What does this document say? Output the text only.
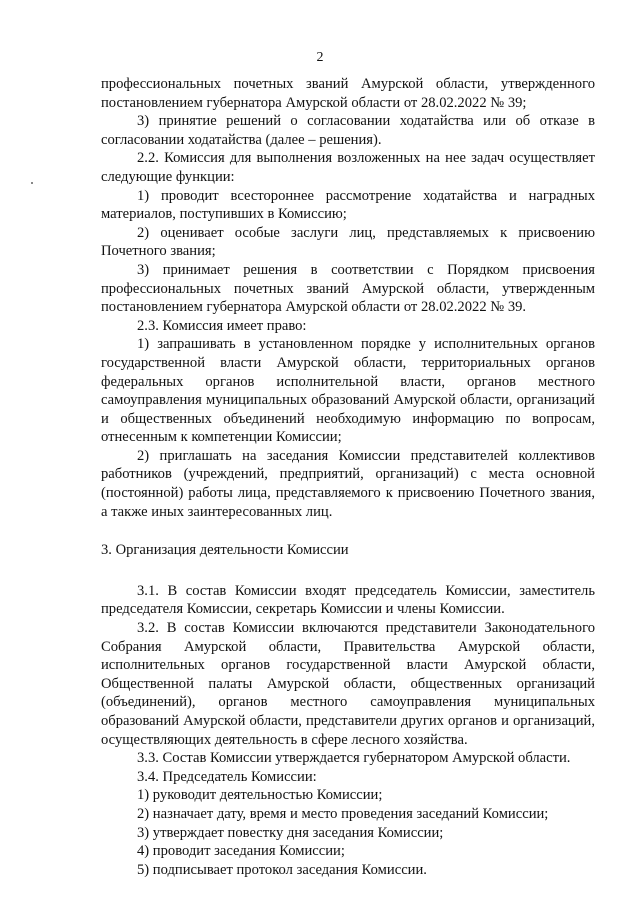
2

профессиональных почетных званий Амурской области, утвержденного постановлением губернатора Амурской области от 28.02.2022 № 39;

3) принятие решений о согласовании ходатайства или об отказе в согласовании ходатайства (далее – решения).

2.2. Комиссия для выполнения возложенных на нее задач осуществляет следующие функции:

1) проводит всестороннее рассмотрение ходатайства и наградных материалов, поступивших в Комиссию;

2) оценивает особые заслуги лиц, представляемых к присвоению Почетного звания;

3) принимает решения в соответствии с Порядком присвоения профессиональных почетных званий Амурской области, утвержденным постановлением губернатора Амурской области от 28.02.2022 № 39.

2.3. Комиссия имеет право:

1) запрашивать в установленном порядке у исполнительных органов государственной власти Амурской области, территориальных органов федеральных органов исполнительной власти, органов местного самоуправления муниципальных образований Амурской области, организаций и общественных объединений необходимую информацию по вопросам, отнесенным к компетенции Комиссии;

2) приглашать на заседания Комиссии представителей коллективов работников (учреждений, предприятий, организаций) с места основной (постоянной) работы лица, представляемого к присвоению Почетного звания, а также иных заинтересованных лиц.

3. Организация деятельности Комиссии

3.1. В состав Комиссии входят председатель Комиссии, заместитель председателя Комиссии, секретарь Комиссии и члены Комиссии.

3.2. В состав Комиссии включаются представители Законодательного Собрания Амурской области, Правительства Амурской области, исполнительных органов государственной власти Амурской области, Общественной палаты Амурской области, общественных организаций (объединений), органов местного самоуправления муниципальных образований Амурской области, представители других органов и организаций, осуществляющих деятельность в сфере лесного хозяйства.

3.3. Состав Комиссии утверждается губернатором Амурской области.

3.4. Председатель Комиссии:

1) руководит деятельностью Комиссии;

2) назначает дату, время и место проведения заседаний Комиссии;

3) утверждает повестку дня заседания Комиссии;

4) проводит заседания Комиссии;

5) подписывает протокол заседания Комиссии.
